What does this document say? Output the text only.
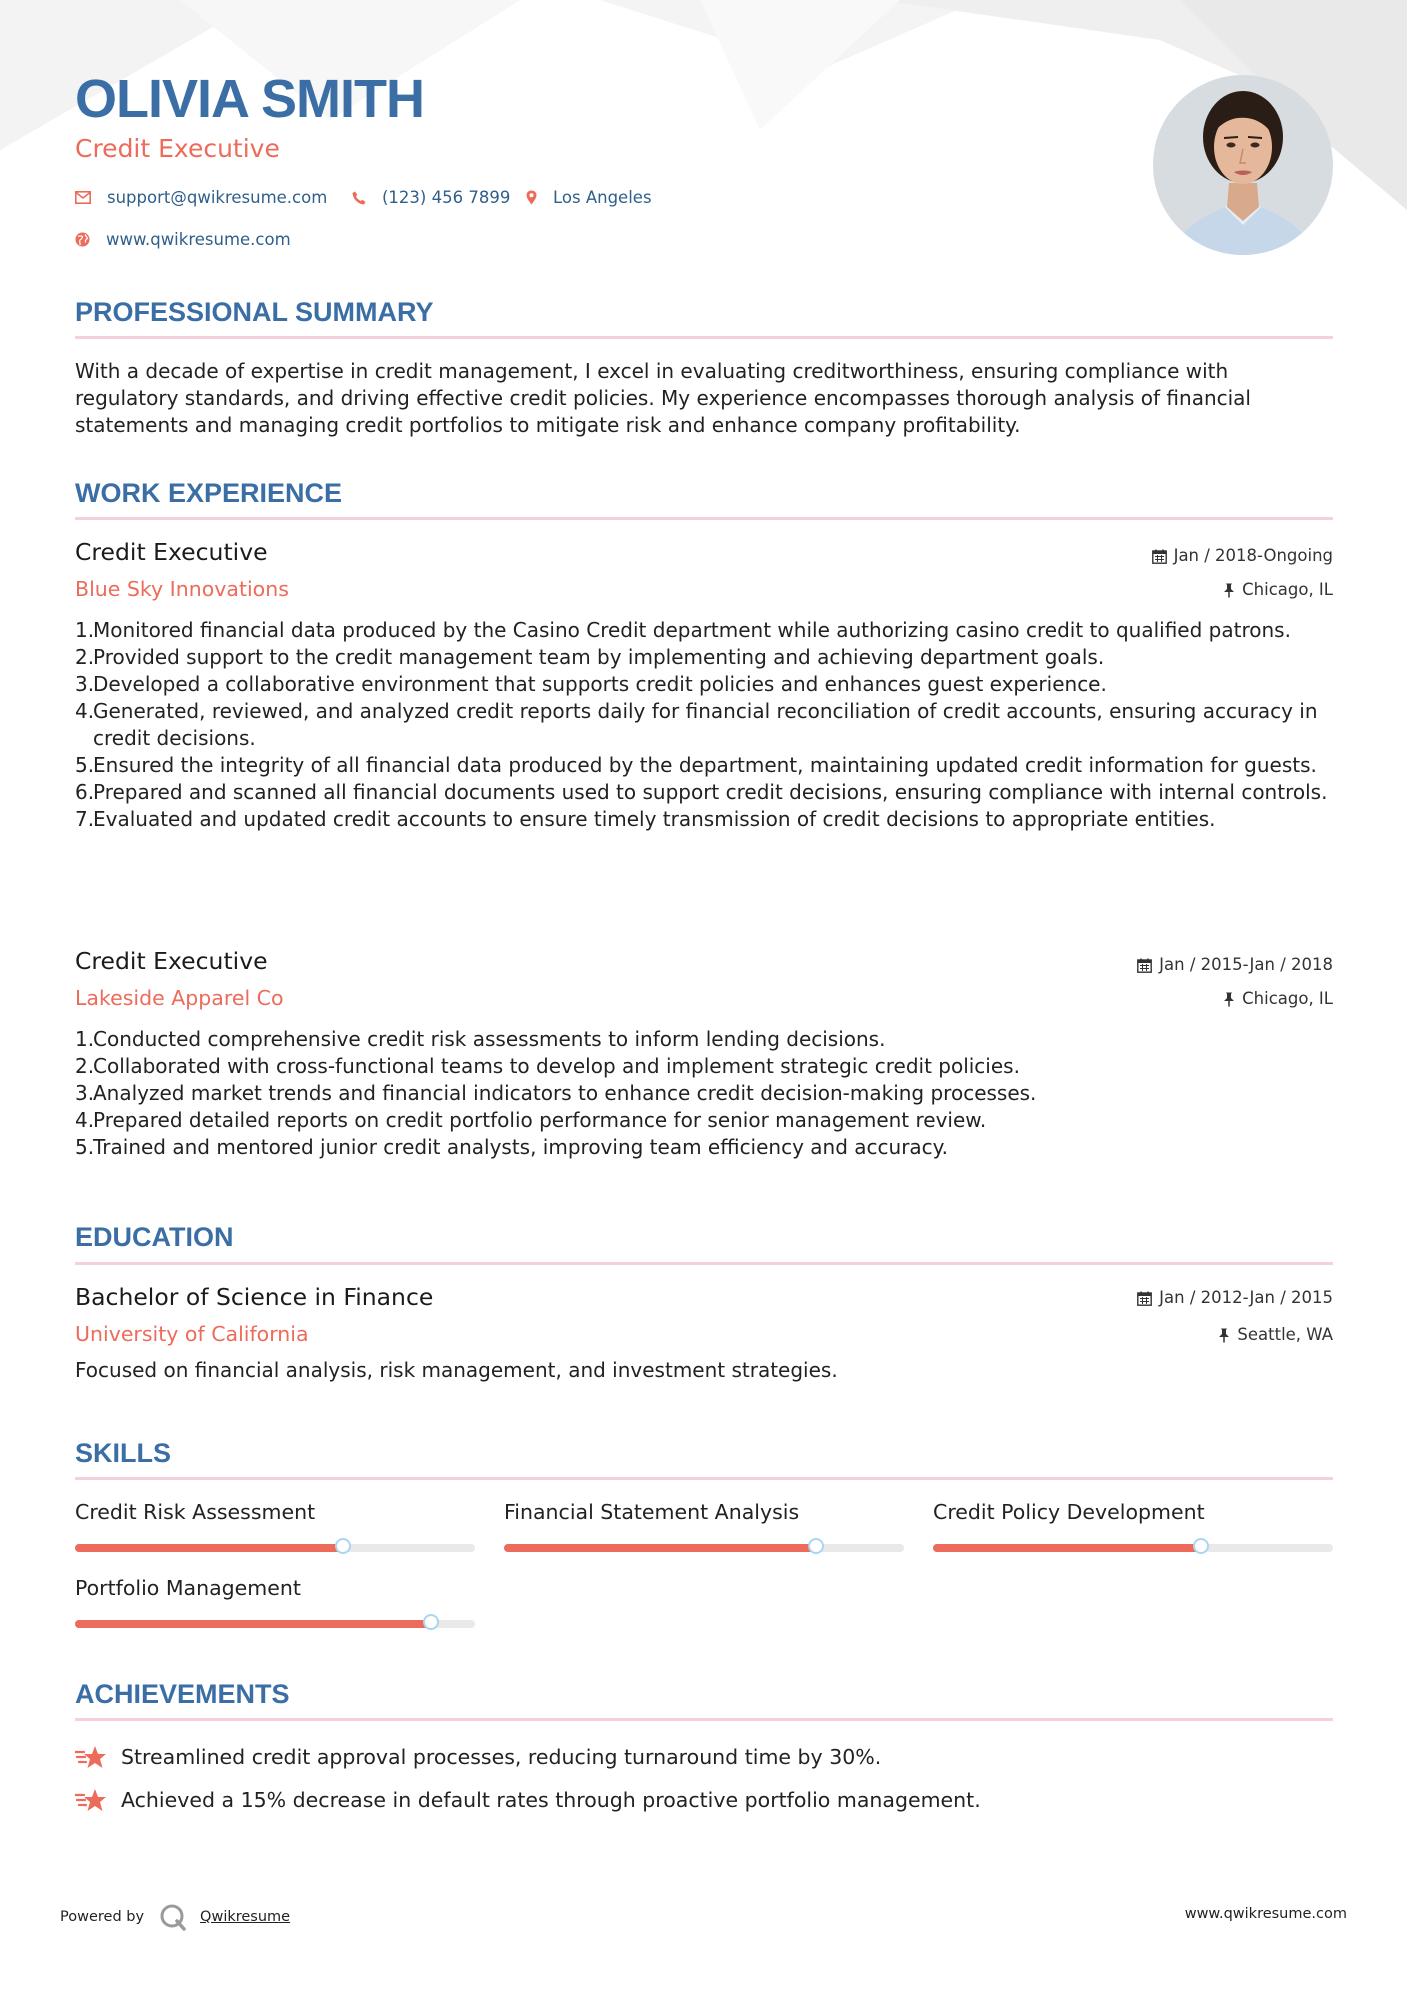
OLIVIA SMITH
Credit Executive
support@qwikresume.com	(123) 456 7899	Los Angeles
www.qwikresume.com
PROFESSIONAL SUMMARY
With a decade of expertise in credit management, I excel in evaluating creditworthiness, ensuring compliance with regulatory standards, and driving effective credit policies. My experience encompasses thorough analysis of financial statements and managing credit portfolios to mitigate risk and enhance company profitability.
WORK EXPERIENCE
Credit Executive	Jan / 2018-Ongoing
Blue Sky Innovations	Chicago, IL
Monitored financial data produced by the Casino Credit department while authorizing casino credit to qualified patrons.
Provided support to the credit management team by implementing and achieving department goals.
Developed a collaborative environment that supports credit policies and enhances guest experience.
Generated, reviewed, and analyzed credit reports daily for financial reconciliation of credit accounts, ensuring accuracy in credit decisions.
Ensured the integrity of all financial data produced by the department, maintaining updated credit information for guests.
Prepared and scanned all financial documents used to support credit decisions, ensuring compliance with internal controls.
Evaluated and updated credit accounts to ensure timely transmission of credit decisions to appropriate entities.
Credit Executive	Jan / 2015-Jan / 2018
Lakeside Apparel Co	Chicago, IL
Conducted comprehensive credit risk assessments to inform lending decisions.
Collaborated with cross-functional teams to develop and implement strategic credit policies.
Analyzed market trends and financial indicators to enhance credit decision-making processes.
Prepared detailed reports on credit portfolio performance for senior management review.
Trained and mentored junior credit analysts, improving team efficiency and accuracy.
EDUCATION
Bachelor of Science in Finance	Jan / 2012-Jan / 2015
University of California	Seattle, WA
Focused on financial analysis, risk management, and investment strategies.
SKILLS
Credit Risk Assessment	Financial Statement Analysis	Credit Policy Development
Portfolio Management
ACHIEVEMENTS
Streamlined credit approval processes, reducing turnaround time by 30%.
Achieved a 15% decrease in default rates through proactive portfolio management.
Powered by	Qwikresume	www.qwikresume.com
